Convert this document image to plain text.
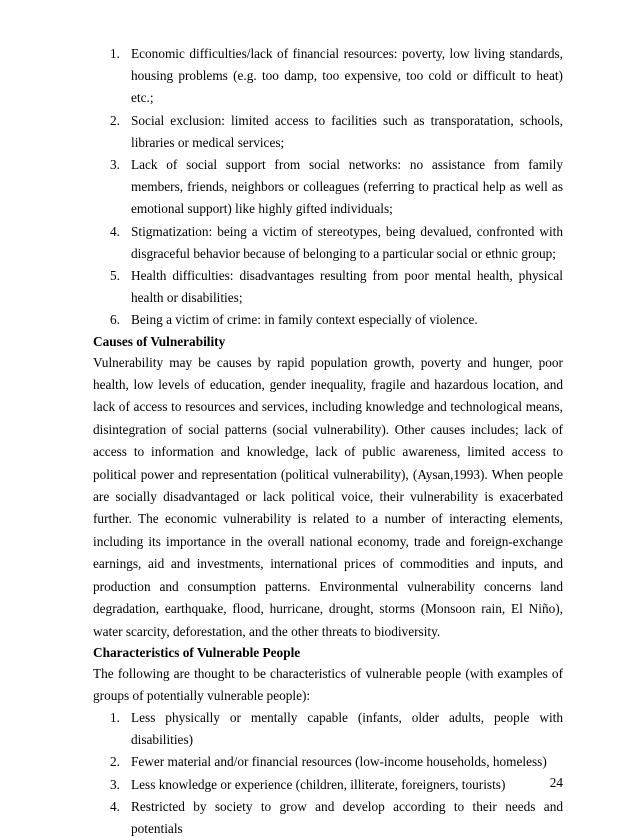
1. Economic difficulties/lack of financial resources: poverty, low living standards, housing problems (e.g. too damp, too expensive, too cold or difficult to heat) etc.;
2. Social exclusion: limited access to facilities such as transporatation, schools, libraries or medical services;
3. Lack of social support from social networks: no assistance from family members, friends, neighbors or colleagues (referring to practical help as well as emotional support) like highly gifted individuals;
4. Stigmatization: being a victim of stereotypes, being devalued, confronted with disgraceful behavior because of belonging to a particular social or ethnic group;
5. Health difficulties: disadvantages resulting from poor mental health, physical health or disabilities;
6. Being a victim of crime: in family context especially of violence.
Causes of Vulnerability

Vulnerability may be causes by rapid population growth, poverty and hunger, poor health, low levels of education, gender inequality, fragile and hazardous location, and lack of access to resources and services, including knowledge and technological means, disintegration of social patterns (social vulnerability). Other causes includes; lack of access to information and knowledge, lack of public awareness, limited access to political power and representation (political vulnerability), (Aysan,1993). When people are socially disadvantaged or lack political voice, their vulnerability is exacerbated further. The economic vulnerability is related to a number of interacting elements, including its importance in the overall national economy, trade and foreign-exchange earnings, aid and investments, international prices of commodities and inputs, and production and consumption patterns. Environmental vulnerability concerns land degradation, earthquake, flood, hurricane, drought, storms (Monsoon rain, El Niño), water scarcity, deforestation, and the other threats to biodiversity.

Characteristics of Vulnerable People

The following are thought to be characteristics of vulnerable people (with examples of groups of potentially vulnerable people):

1. Less physically or mentally capable (infants, older adults, people with disabilities)
2. Fewer material and/or financial resources (low-income households, homeless)
3. Less knowledge or experience (children, illiterate, foreigners, tourists)
4. Restricted by society to grow and develop according to their needs and potentials
24
